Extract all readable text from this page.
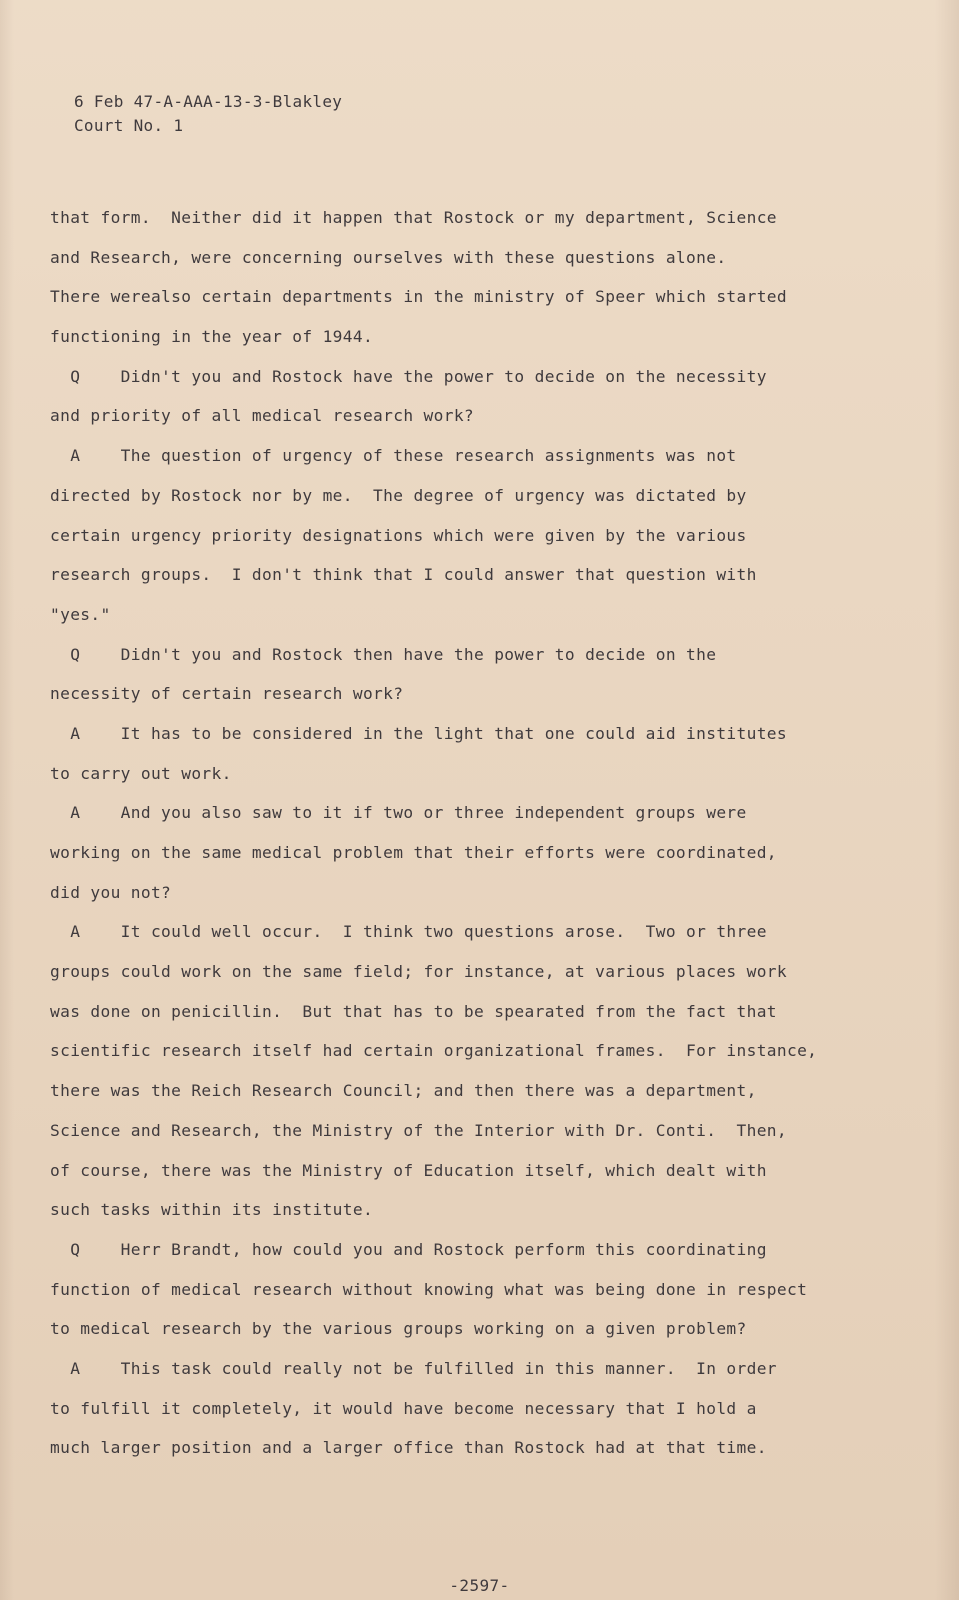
6 Feb 47-A-AAA-13-3-Blakley
Court No. 1
that form.  Neither did it happen that Rostock or my department, Science
and Research, were concerning ourselves with these questions alone.
There werealso certain departments in the ministry of Speer which started
functioning in the year of 1944.
Q    Didn't you and Rostock have the power to decide on the necessity
and priority of all medical research work?
A    The question of urgency of these research assignments was not
directed by Rostock nor by me.  The degree of urgency was dictated by
certain urgency priority designations which were given by the various
research groups.  I don't think that I could answer that question with
"yes."
Q    Didn't you and Rostock then have the power to decide on the
necessity of certain research work?
A    It has to be considered in the light that one could aid institutes
to carry out work.
A    And you also saw to it if two or three independent groups were
working on the same medical problem that their efforts were coordinated,
did you not?
A    It could well occur.  I think two questions arose.  Two or three
groups could work on the same field; for instance, at various places work
was done on penicillin.  But that has to be spearated from the fact that
scientific research itself had certain organizational frames.  For instance,
there was the Reich Research Council; and then there was a department,
Science and Research, the Ministry of the Interior with Dr. Conti.  Then,
of course, there was the Ministry of Education itself, which dealt with
such tasks within its institute.
Q    Herr Brandt, how could you and Rostock perform this coordinating
function of medical research without knowing what was being done in respect
to medical research by the various groups working on a given problem?
A    This task could really not be fulfilled in this manner.  In order
to fulfill it completely, it would have become necessary that I hold a
much larger position and a larger office than Rostock had at that time.
-2597-
